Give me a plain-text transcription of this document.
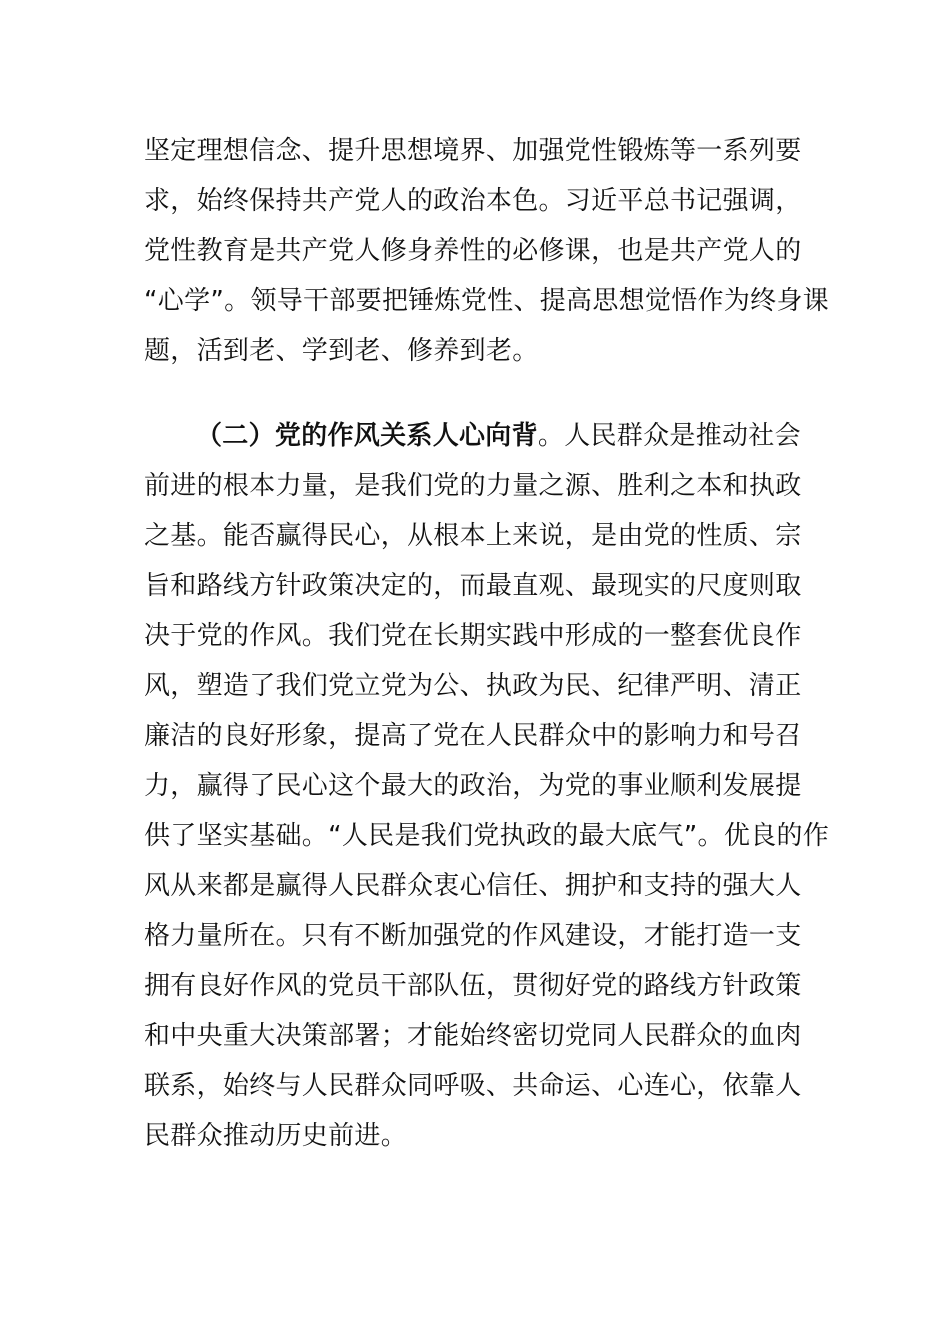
坚定理想信念、提升思想境界、加强党性锻炼等一系列要
求，始终保持共产党人的政治本色。习近平总书记强调，
党性教育是共产党人修身养性的必修课，也是共产党人的
“心学”。领导干部要把锤炼党性、提高思想觉悟作为终身课
题，活到老、学到老、修养到老。
（二）党的作风关系人心向背。人民群众是推动社会
前进的根本力量，是我们党的力量之源、胜利之本和执政
之基。能否赢得民心，从根本上来说，是由党的性质、宗
旨和路线方针政策决定的，而最直观、最现实的尺度则取
决于党的作风。我们党在长期实践中形成的一整套优良作
风，塑造了我们党立党为公、执政为民、纪律严明、清正
廉洁的良好形象，提高了党在人民群众中的影响力和号召
力，赢得了民心这个最大的政治，为党的事业顺利发展提
供了坚实基础。“人民是我们党执政的最大底气”。优良的作
风从来都是赢得人民群众衷心信任、拥护和支持的强大人
格力量所在。只有不断加强党的作风建设，才能打造一支
拥有良好作风的党员干部队伍，贯彻好党的路线方针政策
和中央重大决策部署；才能始终密切党同人民群众的血肉
联系，始终与人民群众同呼吸、共命运、心连心，依靠人
民群众推动历史前进。
